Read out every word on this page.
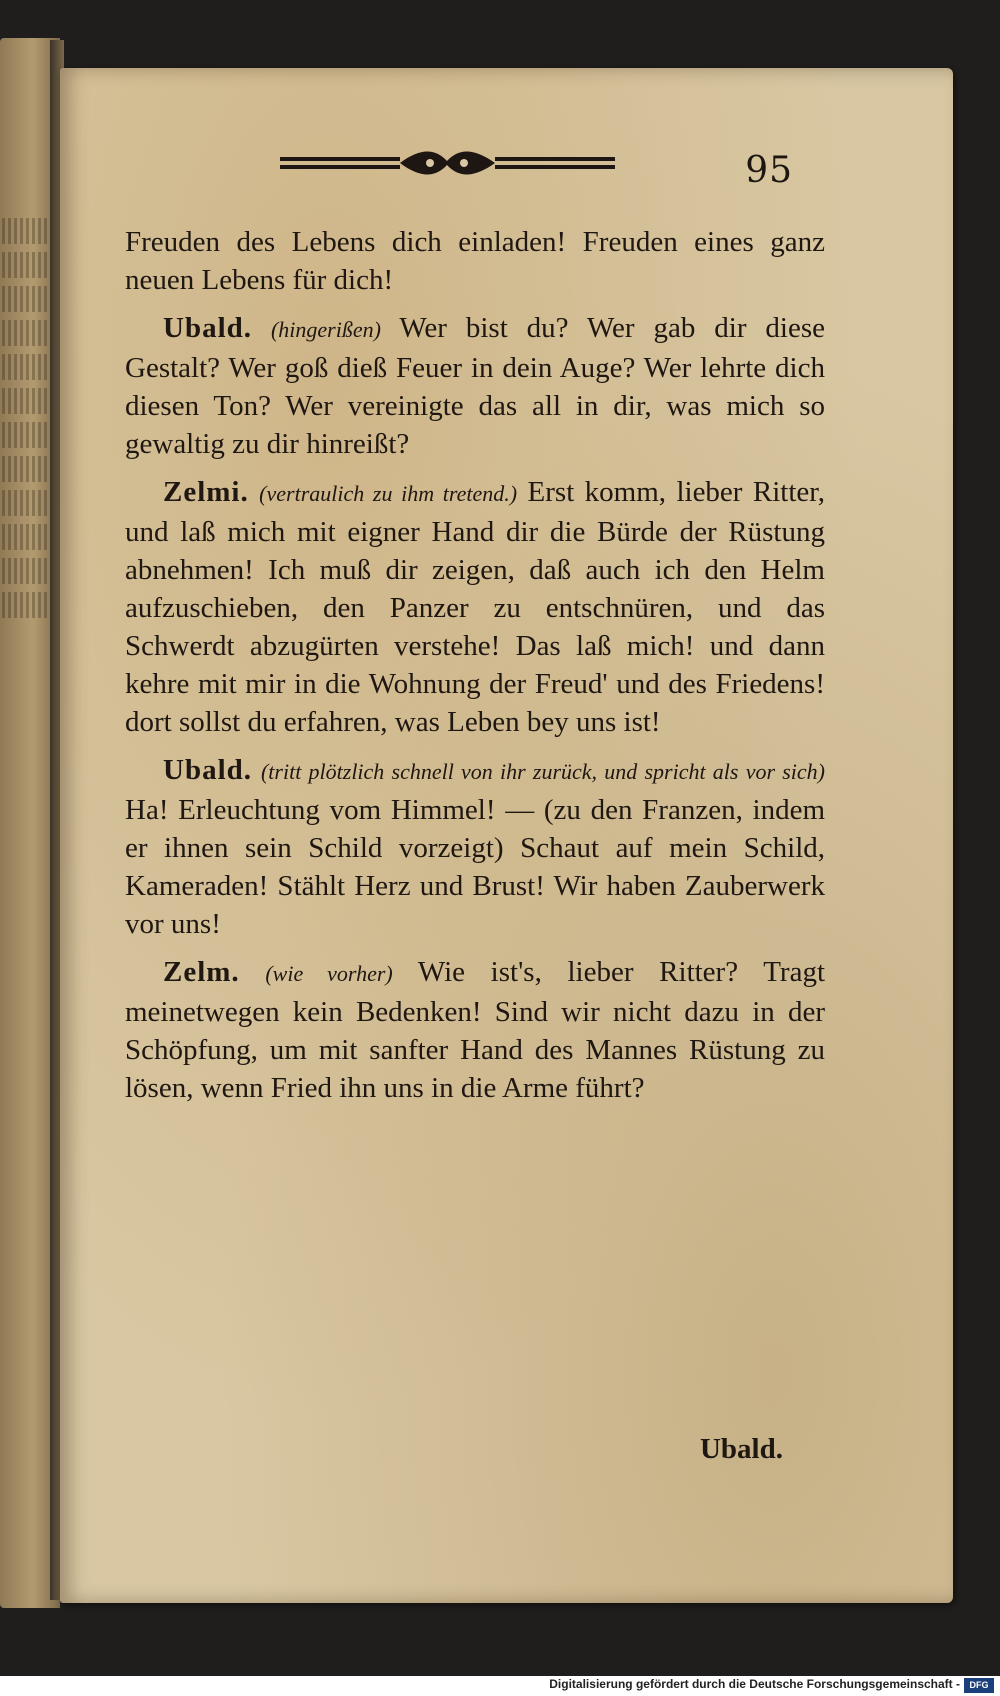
95

Freuden des Lebens dich einladen! Freuden eines ganz neuen Lebens für dich!

Ubald. (hingerißen) Wer bist du? Wer gab dir diese Gestalt? Wer goß dieß Feuer in dein Auge? Wer lehrte dich diesen Ton? Wer vereinigte das all in dir, was mich so gewaltig zu dir hinreißt?

Zelmi. (vertraulich zu ihm tretend.) Erst komm, lieber Ritter, und laß mich mit eigner Hand dir die Bürde der Rüstung abnehmen! Ich muß dir zeigen, daß auch ich den Helm aufzuschieben, den Panzer zu entschnüren, und das Schwerdt abzugürten verstehe! Das laß mich! und dann kehre mit mir in die Wohnung der Freud' und des Friedens! dort sollst du erfahren, was Leben bey uns ist!

Ubald. (tritt plötzlich schnell von ihr zurück, und spricht als vor sich) Ha! Erleuchtung vom Himmel! — (zu den Franzen, indem er ihnen sein Schild vorzeigt) Schaut auf mein Schild, Kameraden! Stählt Herz und Brust! Wir haben Zauberwerk vor uns!

Zelm. (wie vorher) Wie ist's, lieber Ritter? Tragt meinetwegen kein Bedenken! Sind wir nicht dazu in der Schöpfung, um mit sanfter Hand des Mannes Rüstung zu lösen, wenn Fried ihn uns in die Arme führt?

Ubald.
Digitalisierung gefördert durch die Deutsche Forschungsgemeinschaft -	DFG
